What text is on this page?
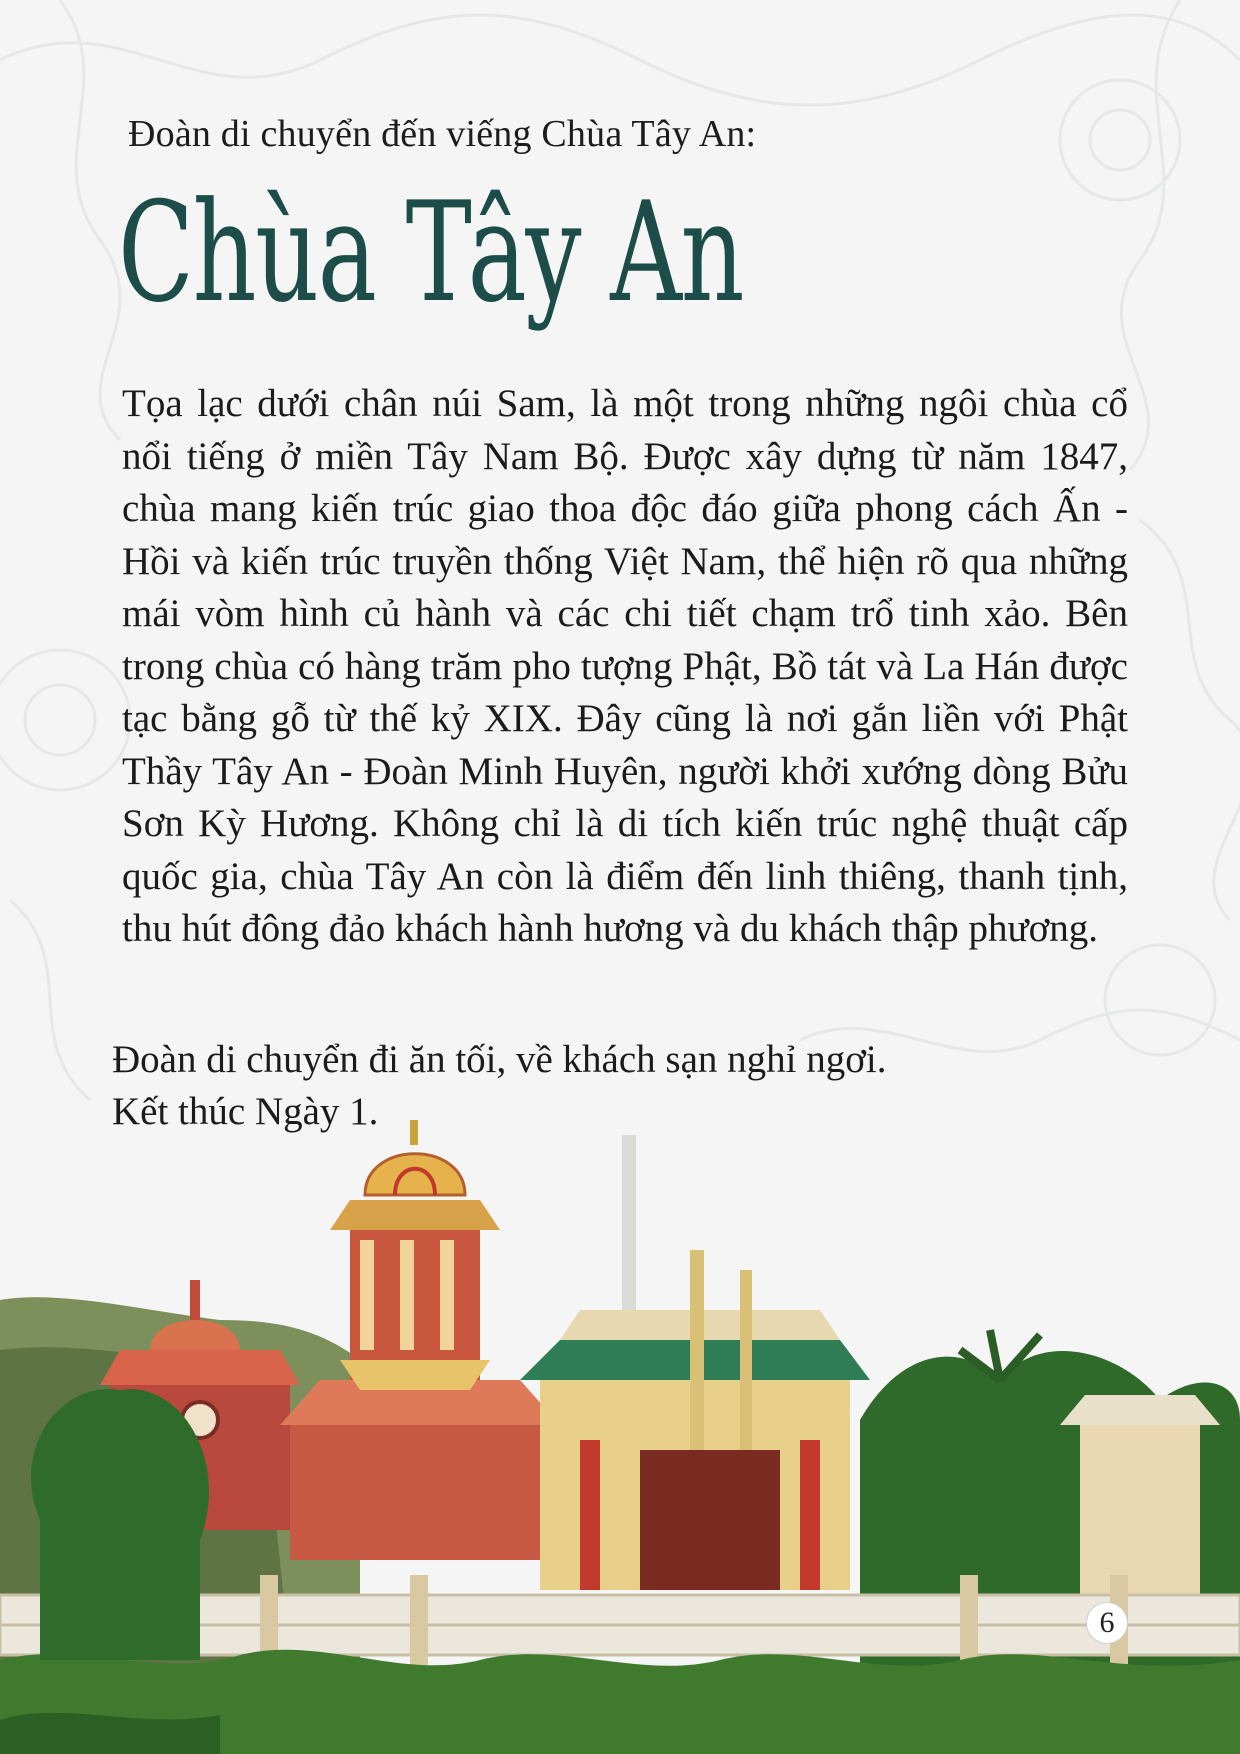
Đoàn di chuyển đến viếng Chùa Tây An:
Chùa Tây An

Tọa lạc dưới chân núi Sam, là một trong những ngôi chùa cổ nổi tiếng ở miền Tây Nam Bộ. Được xây dựng từ năm 1847, chùa mang kiến trúc giao thoa độc đáo giữa phong cách Ấn - Hồi và kiến trúc truyền thống Việt Nam, thể hiện rõ qua những mái vòm hình củ hành và các chi tiết chạm trổ tinh xảo. Bên trong chùa có hàng trăm pho tượng Phật, Bồ tát và La Hán được tạc bằng gỗ từ thế kỷ XIX. Đây cũng là nơi gắn liền với Phật Thầy Tây An - Đoàn Minh Huyên, người khởi xướng dòng Bửu Sơn Kỳ Hương. Không chỉ là di tích kiến trúc nghệ thuật cấp quốc gia, chùa Tây An còn là điểm đến linh thiêng, thanh tịnh, thu hút đông đảo khách hành hương và du khách thập phương.

Đoàn di chuyển đi ăn tối, về khách sạn nghỉ ngơi.

Kết thúc Ngày 1.

6
